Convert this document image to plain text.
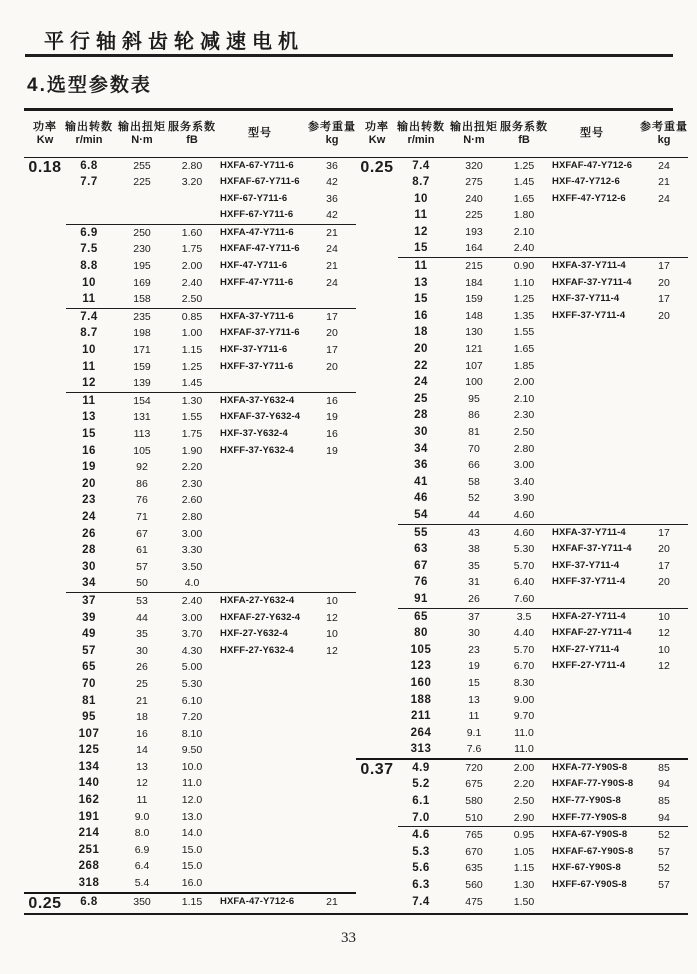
平行轴斜齿轮减速电机
4.选型参数表
功率
Kw
输出转数
r/min
输出扭矩
N·m
服务系数
fB
型号
参考重量
kg
0.18	6.8	255	2.80	HXFA-67-Y711-6	36
7.7	225	3.20	HXFAF-67-Y711-6	42
HXF-67-Y711-6	36
HXFF-67-Y711-6	42
6.9	250	1.60	HXFA-47-Y711-6	21
7.5	230	1.75	HXFAF-47-Y711-6	24
8.8	195	2.00	HXF-47-Y711-6	21
10	169	2.40	HXFF-47-Y711-6	24
11	158	2.50
7.4	235	0.85	HXFA-37-Y711-6	17
8.7	198	1.00	HXFAF-37-Y711-6	20
10	171	1.15	HXF-37-Y711-6	17
11	159	1.25	HXFF-37-Y711-6	20
12	139	1.45
11	154	1.30	HXFA-37-Y632-4	16
13	131	1.55	HXFAF-37-Y632-4	19
15	113	1.75	HXF-37-Y632-4	16
16	105	1.90	HXFF-37-Y632-4	19
19	92	2.20
20	86	2.30
23	76	2.60
24	71	2.80
26	67	3.00
28	61	3.30
30	57	3.50
34	50	4.0
37	53	2.40	HXFA-27-Y632-4	10
39	44	3.00	HXFAF-27-Y632-4	12
49	35	3.70	HXF-27-Y632-4	10
57	30	4.30	HXFF-27-Y632-4	12
65	26	5.00
70	25	5.30
81	21	6.10
95	18	7.20
107	16	8.10
125	14	9.50
134	13	10.0
140	12	11.0
162	11	12.0
191	9.0	13.0
214	8.0	14.0
251	6.9	15.0
268	6.4	15.0
318	5.4	16.0
0.25	6.8	350	1.15	HXFA-47-Y712-6	21
功率
Kw
输出转数
r/min
输出扭矩
N·m
服务系数
fB
型号
参考重量
kg
0.25	7.4	320	1.25	HXFAF-47-Y712-6	24
8.7	275	1.45	HXF-47-Y712-6	21
10	240	1.65	HXFF-47-Y712-6	24
11	225	1.80
12	193	2.10
15	164	2.40
11	215	0.90	HXFA-37-Y711-4	17
13	184	1.10	HXFAF-37-Y711-4	20
15	159	1.25	HXF-37-Y711-4	17
16	148	1.35	HXFF-37-Y711-4	20
18	130	1.55
20	121	1.65
22	107	1.85
24	100	2.00
25	95	2.10
28	86	2.30
30	81	2.50
34	70	2.80
36	66	3.00
41	58	3.40
46	52	3.90
54	44	4.60
55	43	4.60	HXFA-37-Y711-4	17
63	38	5.30	HXFAF-37-Y711-4	20
67	35	5.70	HXF-37-Y711-4	17
76	31	6.40	HXFF-37-Y711-4	20
91	26	7.60
65	37	3.5	HXFA-27-Y711-4	10
80	30	4.40	HXFAF-27-Y711-4	12
105	23	5.70	HXF-27-Y711-4	10
123	19	6.70	HXFF-27-Y711-4	12
160	15	8.30
188	13	9.00
211	11	9.70
264	9.1	11.0
313	7.6	11.0
0.37	4.9	720	2.00	HXFA-77-Y90S-8	85
5.2	675	2.20	HXFAF-77-Y90S-8	94
6.1	580	2.50	HXF-77-Y90S-8	85
7.0	510	2.90	HXFF-77-Y90S-8	94
4.6	765	0.95	HXFA-67-Y90S-8	52
5.3	670	1.05	HXFAF-67-Y90S-8	57
5.6	635	1.15	HXF-67-Y90S-8	52
6.3	560	1.30	HXFF-67-Y90S-8	57
7.4	475	1.50
33
